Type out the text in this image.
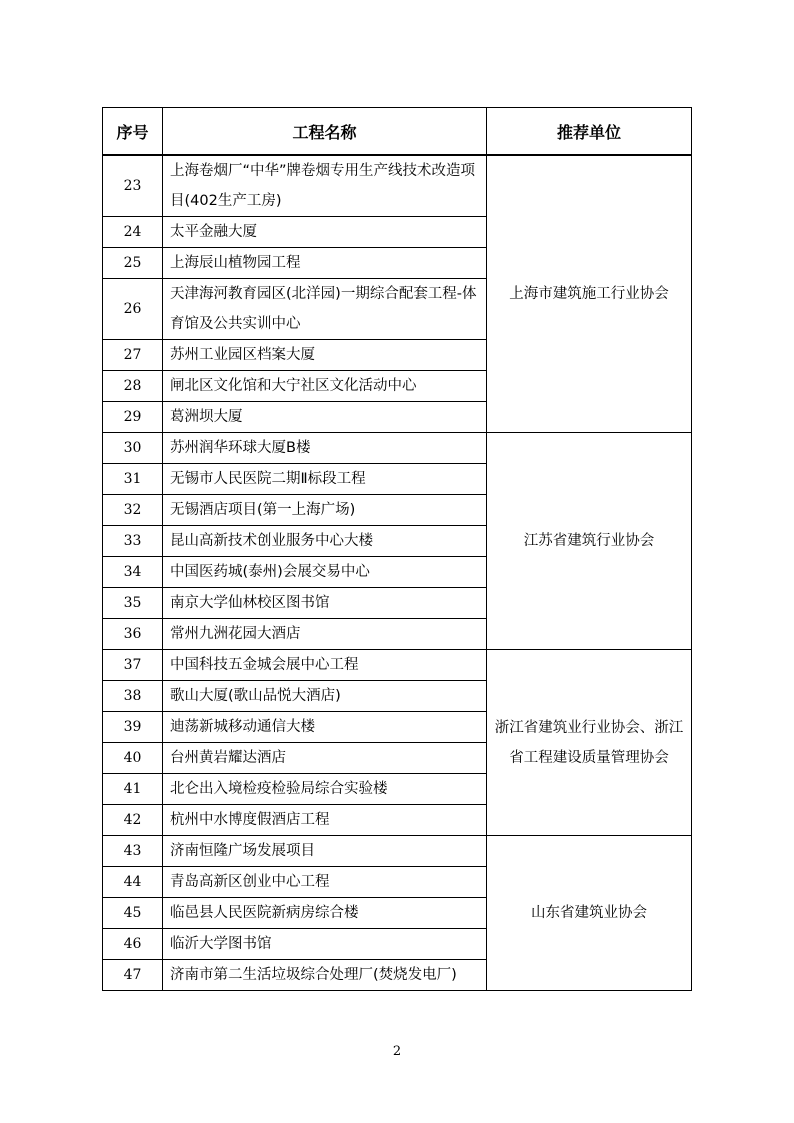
序号	工程名称	推荐单位
23	上海卷烟厂“中华”牌卷烟专用生产线技术改造项目(402生产工房)	上海市建筑施工行业协会
24	太平金融大厦	
25	上海辰山植物园工程	
26	天津海河教育园区(北洋园)一期综合配套工程-体育馆及公共实训中心	
27	苏州工业园区档案大厦	
28	闸北区文化馆和大宁社区文化活动中心	
29	葛洲坝大厦	
30	苏州润华环球大厦B楼	江苏省建筑行业协会
31	无锡市人民医院二期Ⅱ标段工程	
32	无锡酒店项目(第一上海广场)	
33	昆山高新技术创业服务中心大楼	
34	中国医药城(泰州)会展交易中心	
35	南京大学仙林校区图书馆	
36	常州九洲花园大酒店	
37	中国科技五金城会展中心工程	浙江省建筑业行业协会、浙江省工程建设质量管理协会
38	歌山大厦(歌山品悦大酒店)	
39	迪荡新城移动通信大楼	
40	台州黄岩耀达酒店	
41	北仑出入境检疫检验局综合实验楼	
42	杭州中水博度假酒店工程	
43	济南恒隆广场发展项目	山东省建筑业协会
44	青岛高新区创业中心工程	
45	临邑县人民医院新病房综合楼	
46	临沂大学图书馆	
47	济南市第二生活垃圾综合处理厂(焚烧发电厂)	
2
